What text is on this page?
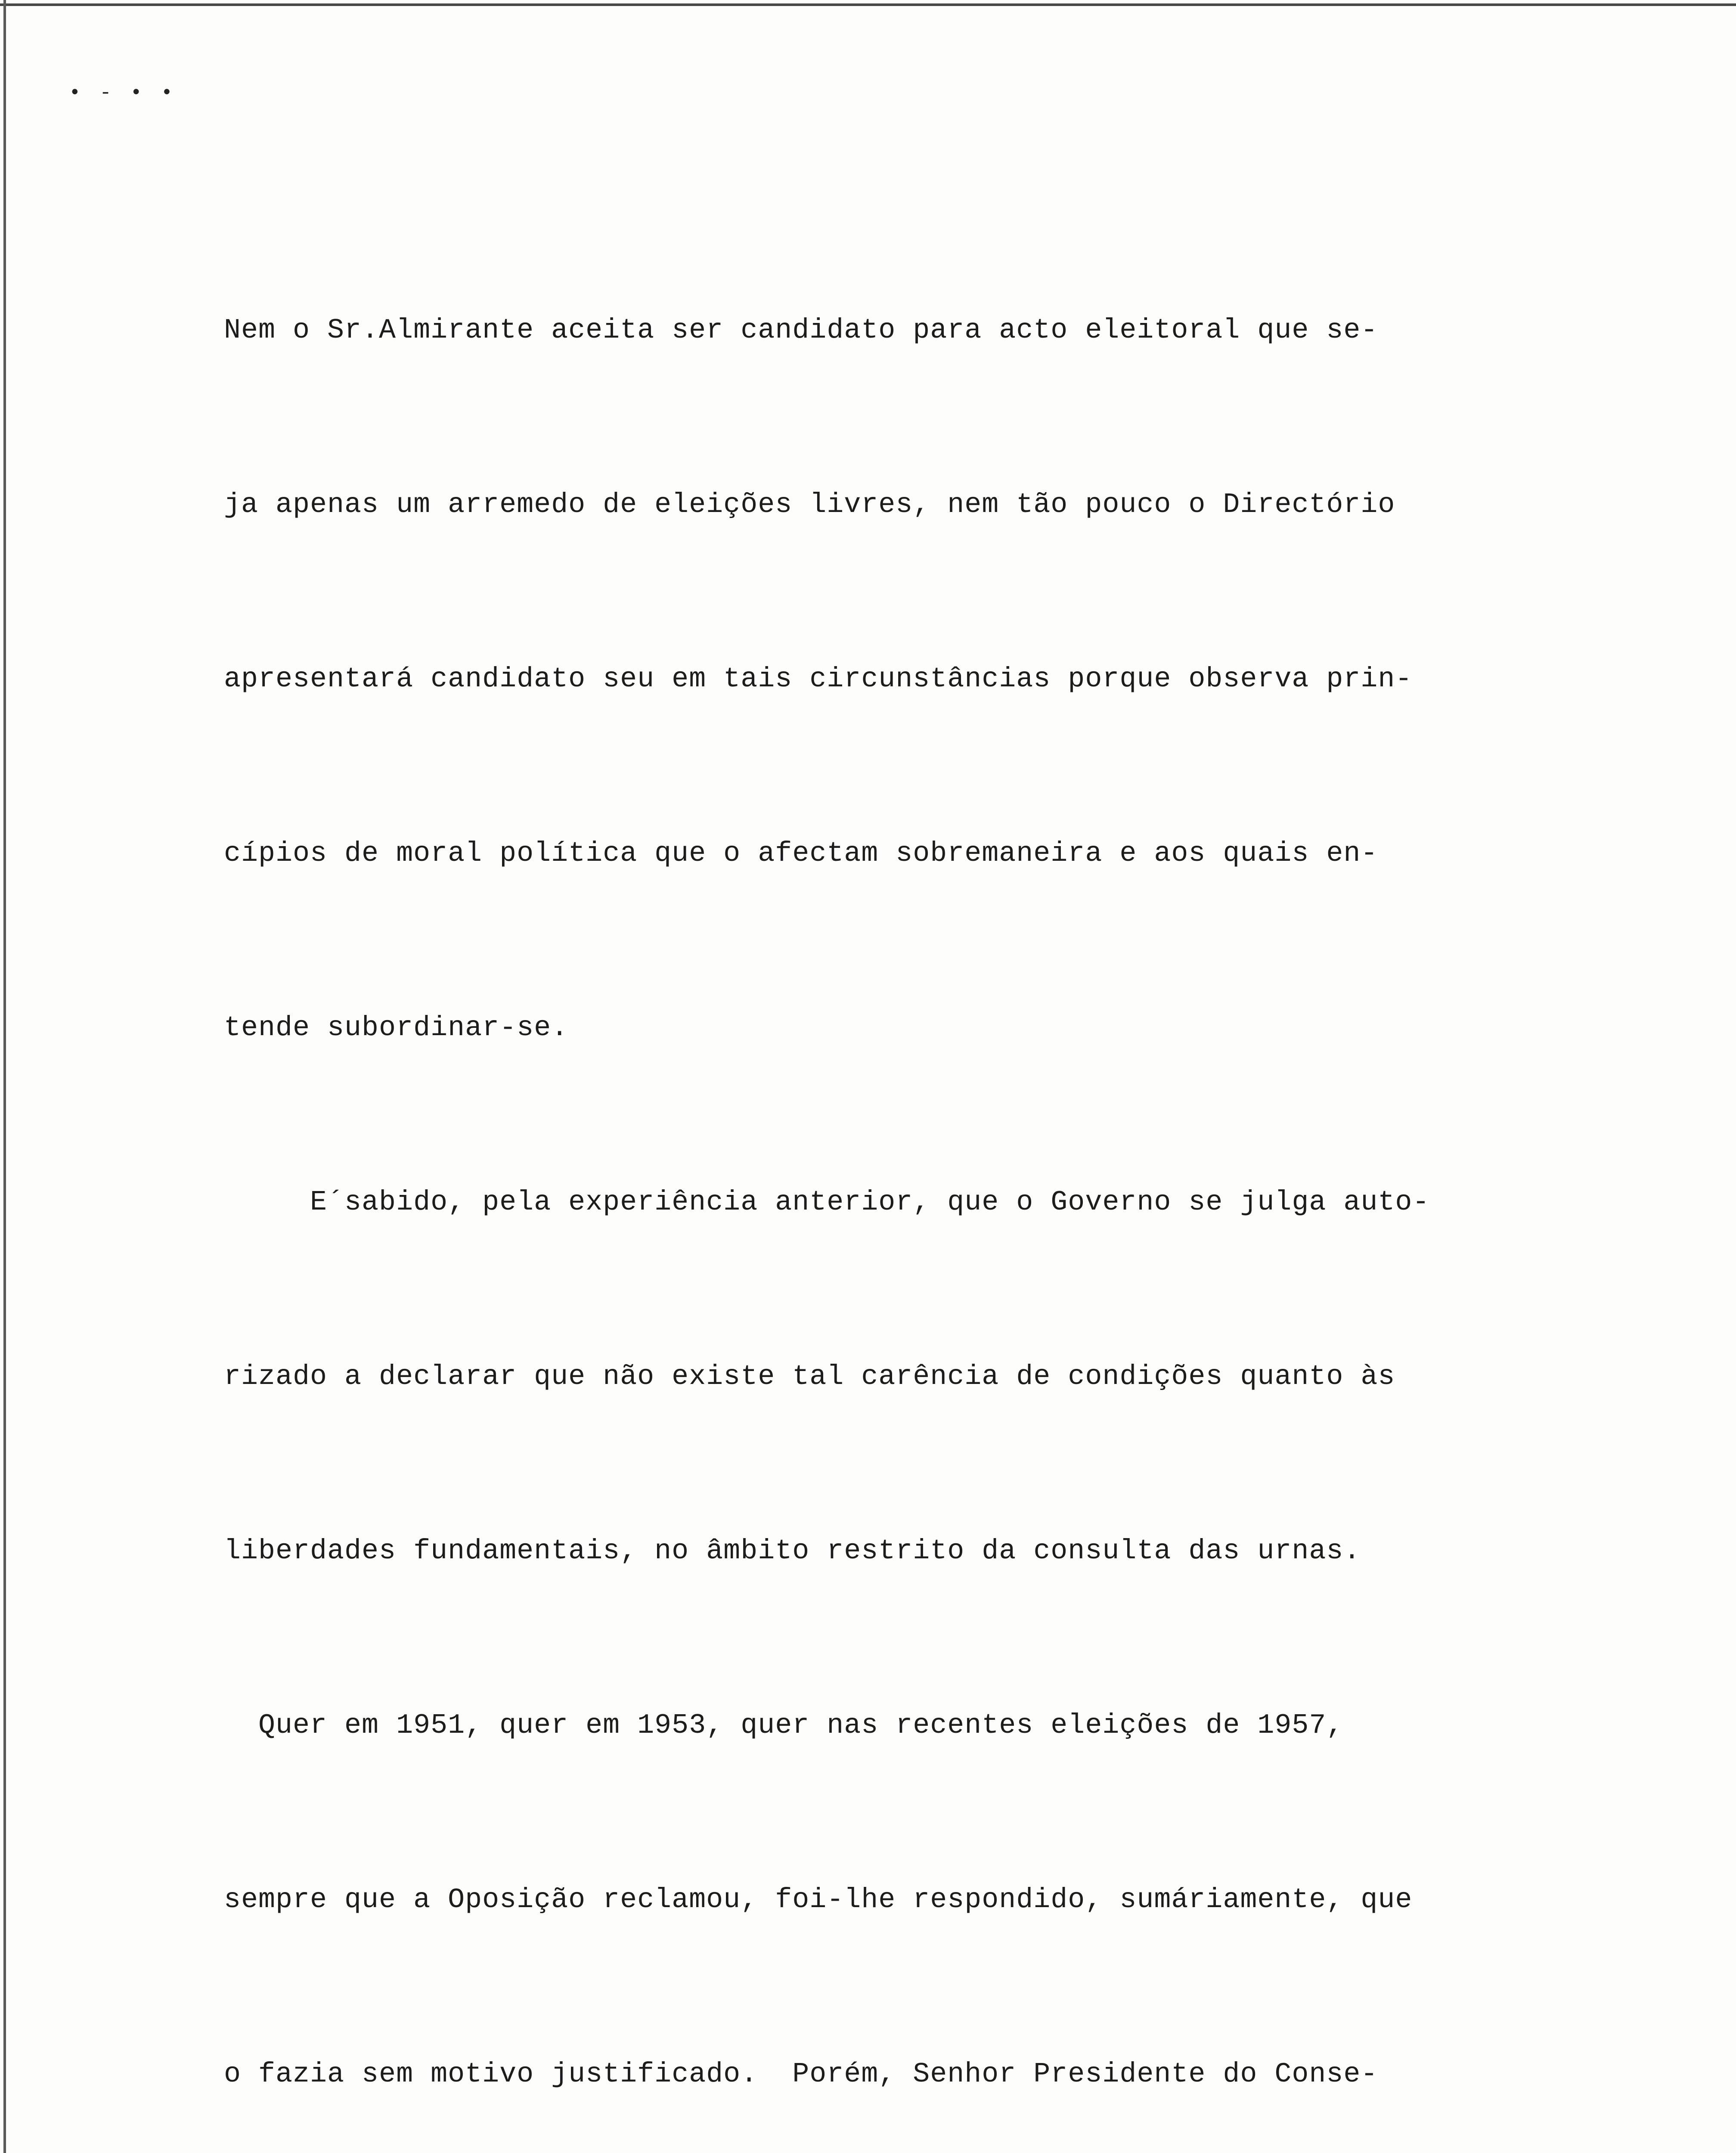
• - • •

Nem o Sr.Almirante aceita ser candidato para acto eleitoral que se-

ja apenas um arremedo de eleições livres, nem tão pouco o Directório

apresentará candidato seu em tais circunstâncias porque observa prin-

cípios de moral política que o afectam sobremaneira e aos quais en-

tende subordinar-se.

E´sabido, pela experiência anterior, que o Governo se julga auto-

rizado a declarar que não existe tal carência de condições quanto às

liberdades fundamentais, no âmbito restrito da consulta das urnas.

Quer em 1951, quer em 1953, quer nas recentes eleições de 1957,

sempre que a Oposição reclamou, foi-lhe respondido, sumáriamente, que

o fazia sem motivo justificado.  Porém, Senhor Presidente do Conse-
